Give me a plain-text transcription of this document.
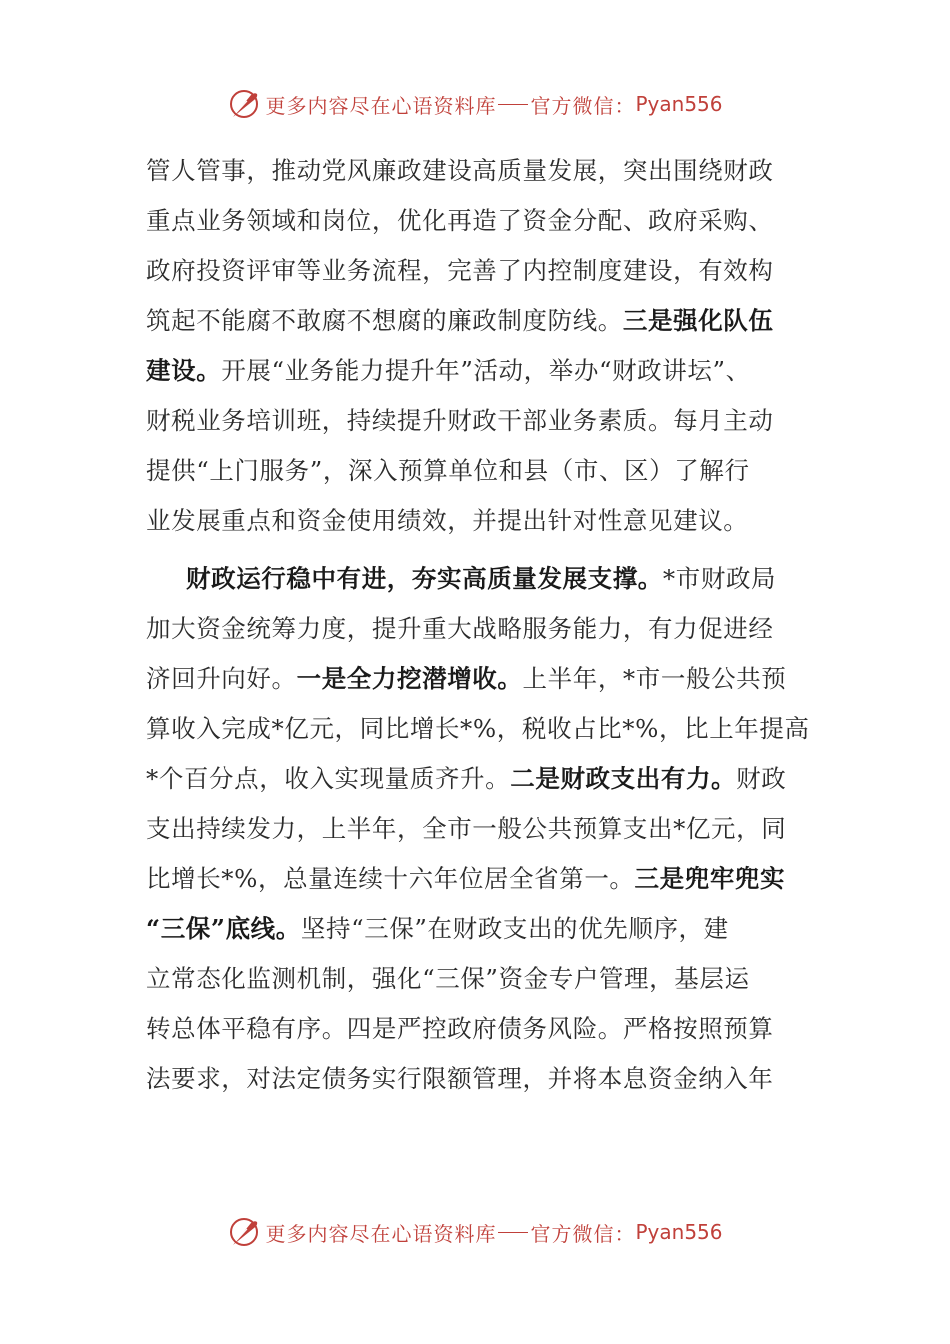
更多内容尽在心语资料库 官方微信： Pyan556
管人管事，推动党风廉政建设高质量发展，突出围绕财政
重点业务领域和岗位，优化再造了资金分配、政府采购、
政府投资评审等业务流程，完善了内控制度建设，有效构
筑起不能腐不敢腐不想腐的廉政制度防线。三是强化队伍
建设。开展“业务能力提升年”活动，举办“财政讲坛”、
财税业务培训班，持续提升财政干部业务素质。每月主动
提供“上门服务”，深入预算单位和县（市、区）了解行
业发展重点和资金使用绩效，并提出针对性意见建议。
财政运行稳中有进，夯实高质量发展支撑。*市财政局
加大资金统筹力度，提升重大战略服务能力，有力促进经
济回升向好。一是全力挖潜增收。上半年，*市一般公共预
算收入完成*亿元，同比增长*%，税收占比*%，比上年提高
*个百分点，收入实现量质齐升。二是财政支出有力。财政
支出持续发力，上半年，全市一般公共预算支出*亿元，同
比增长*%，总量连续十六年位居全省第一。三是兜牢兜实
“三保”底线。坚持“三保”在财政支出的优先顺序，建
立常态化监测机制，强化“三保”资金专户管理，基层运
转总体平稳有序。四是严控政府债务风险。严格按照预算
法要求，对法定债务实行限额管理，并将本息资金纳入年
更多内容尽在心语资料库 官方微信： Pyan556
